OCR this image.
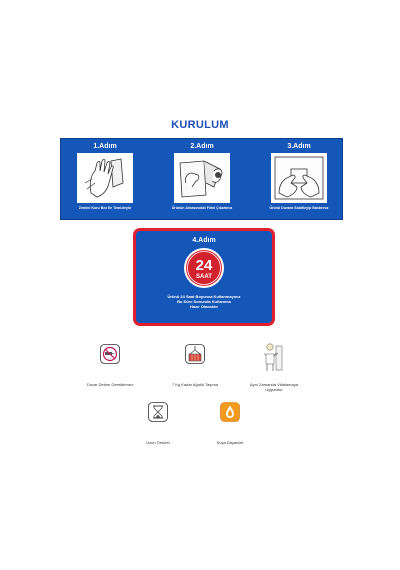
KURULUM
1.Adım
Zemini Kuru Bez İle Temizleyin
2.Adım
Ürünün Arkasındaki Filmi Çıkartınız
3.Adım
Ürünü Duvara Sabitleyip Bastırınız
4.Adım
24
SAAT
Ürünü 24 Saat Boyunca Kullanmayınız
Bu Süre Sonunda Kullanıma
Hazır Olacaktır
Duvar Delme Gerektirmez	7 Kg Kadar Ağırlık Taşıma	Aynı Zamanda Vidalamaya
Uygundur
Uzun Ömürlü	Suya Dayanıklı
